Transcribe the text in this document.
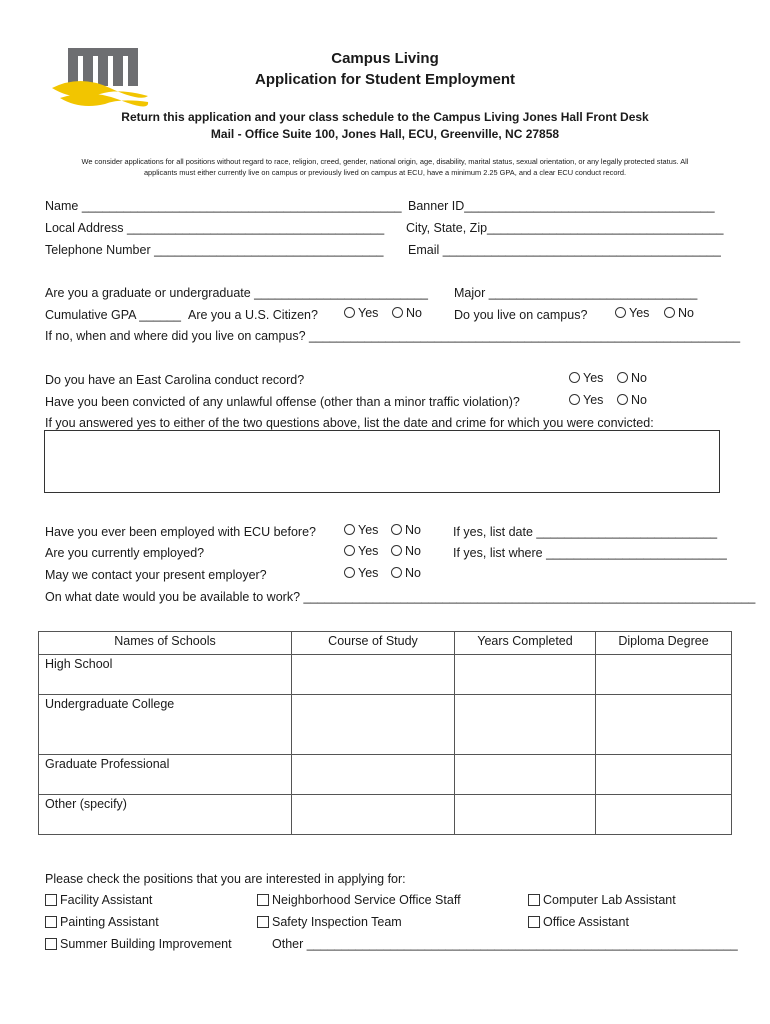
Campus Living
Application for Student Employment
Return this application and your class schedule to the Campus Living Jones Hall Front Desk
Mail - Office Suite 100, Jones Hall, ECU, Greenville, NC 27858
We consider applications for all positions without regard to race, religion, creed, gender, national origin, age, disability, marital status, sexual orientation, or any legally protected status. All
applicants must either currently live on campus or previously lived on campus at ECU, have a minimum 2.25 GPA, and a clear ECU conduct record.
Name ______________________________________________ Banner ID____________________________________
Local Address _____________________________________ City, State, Zip__________________________________
Telephone Number _________________________________ Email ________________________________________
Are you a graduate or undergraduate _________________________ Major ______________________________
Cumulative GPA ______ Are you a U.S. Citizen?	Yes	No	Do you live on campus?	Yes	No
If no, when and where did you live on campus? ______________________________________________________________
Do you have an East Carolina conduct record?	Yes	No
Have you been convicted of any unlawful offense (other than a minor traffic violation)?	Yes	No
If you answered yes to either of the two questions above, list the date and crime for which you were convicted:
Have you ever been employed with ECU before?	Yes	No	If yes, list date __________________________
Are you currently employed?	Yes	No	If yes, list where __________________________
May we contact your present employer?	Yes	No
On what date would you be available to work? _________________________________________________________________
Names of Schools	Course of Study	Years Completed	Diploma Degree
High School			
Undergraduate College			
Graduate Professional			
Other (specify)			
Please check the positions that you are interested in applying for:
Facility Assistant
Painting Assistant
Summer Building Improvement
Neighborhood Service Office Staff
Safety Inspection Team
Other ______________________________________________________________
Computer Lab Assistant
Office Assistant
